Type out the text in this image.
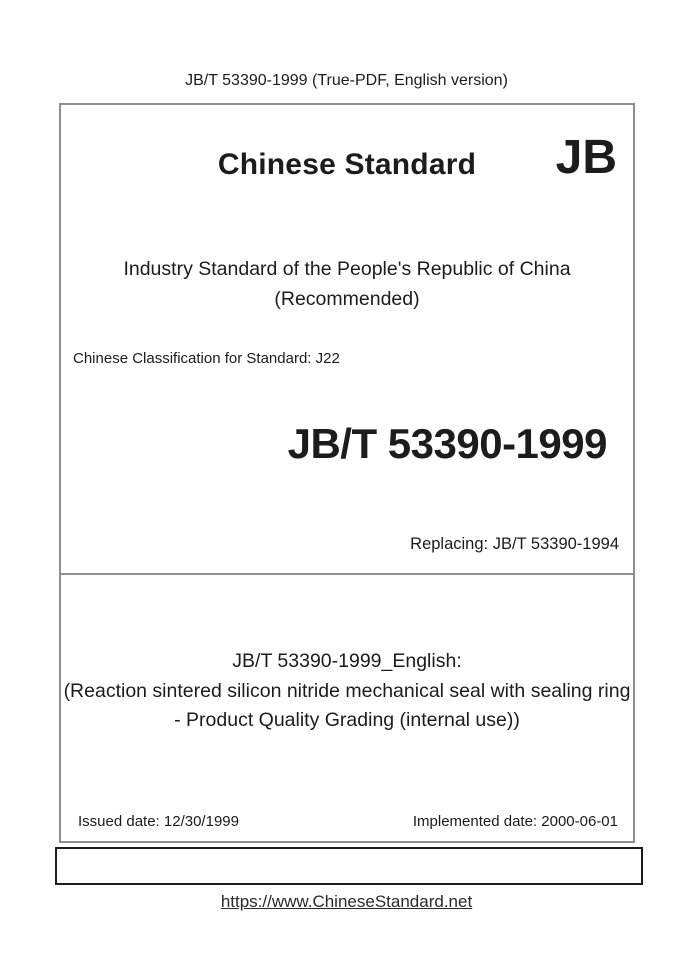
JB/T 53390-1999 (True-PDF, English version)
Chinese Standard	JB
Industry Standard of the People's Republic of China
(Recommended)
Chinese Classification for Standard: J22
JB/T 53390-1999
Replacing: JB/T 53390-1994
JB/T 53390-1999_English:
(Reaction sintered silicon nitride mechanical seal with sealing ring - Product Quality Grading (internal use))
Issued date: 12/30/1999	Implemented date: 2000-06-01
https://www.ChineseStandard.net
